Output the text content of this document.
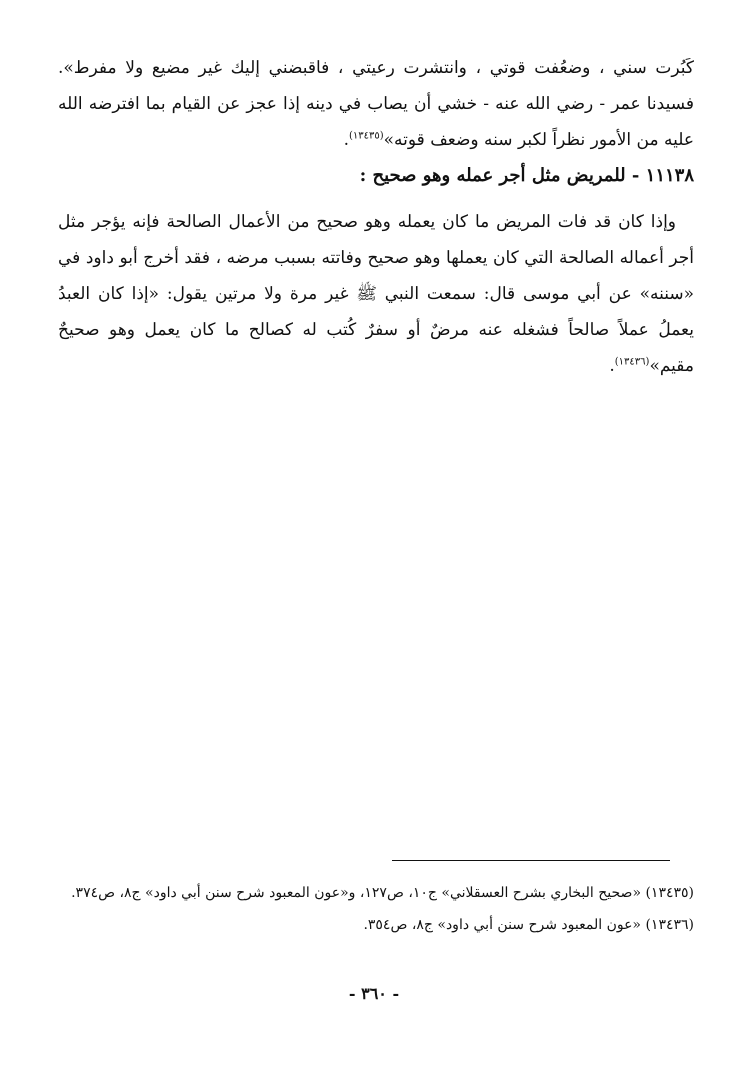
كَبُرت سني ، وضعُفت قوتي ، وانتشرت رعيتي ، فاقبضني إليك غير مضيع ولا مفرط». فسيدنا عمر - رضي الله عنه - خشي أن يصاب في دينه إذا عجز عن القيام بما افترضه الله عليه من الأمور نظراً لكبر سنه وضعف قوته»$^{(١٣٤٣٥)}$.
١١١٣٨ - للمريض مثل أجر عمله وهو صحيح :
وإذا كان قد فات المريض ما كان يعمله وهو صحيح من الأعمال الصالحة فإنه يؤجر مثل أجر أعماله الصالحة التي كان يعملها وهو صحيح وفاتته بسبب مرضه ، فقد أخرج أبو داود في «سننه» عن أبي موسى قال: سمعت النبي ﷺ غير مرة ولا مرتين يقول: «إذا كان العبدُ يعملُ عملاً صالحاً فشغله عنه مرضٌ أو سفرٌ كُتب له كصالح ما كان يعمل وهو صحيحٌ مقيم»$^{(١٣٤٣٦)}$.
(١٣٤٣٥) «صحيح البخاري بشرح العسقلاني» ج١٠، ص١٢٧، و«عون المعبود شرح سنن أبي داود» ج٨، ص٣٧٤.
(١٣٤٣٦) «عون المعبود شرح سنن أبي داود» ج٨، ص٣٥٤.
- ٣٦٠ -
